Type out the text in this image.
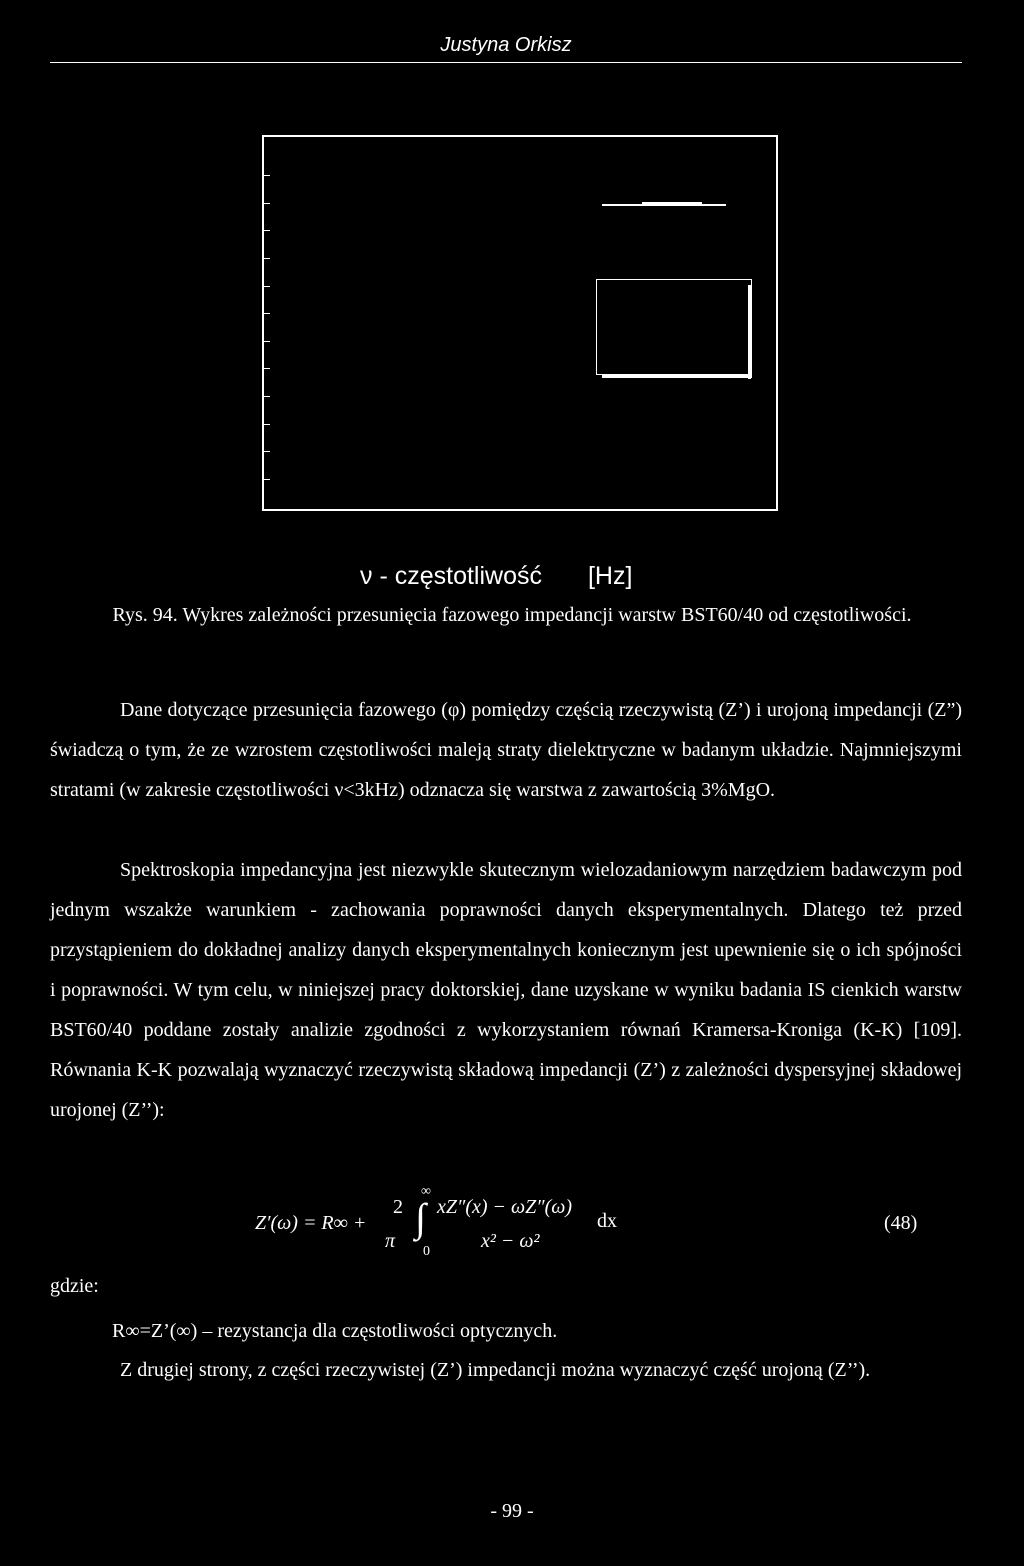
Justyna Orkisz
ν - częstotliwość [Hz]
Rys. 94. Wykres zależności przesunięcia fazowego impedancji warstw BST60/40 od częstotliwości.
Dane dotyczące przesunięcia fazowego (φ) pomiędzy częścią rzeczywistą (Z’) i urojoną impedancji (Z”) świadczą o tym, że ze wzrostem częstotliwości maleją straty dielektryczne w badanym układzie. Najmniejszymi stratami (w zakresie częstotliwości ν<3kHz) odznacza się warstwa z zawartością 3%MgO.
Spektroskopia impedancyjna jest niezwykle skutecznym wielozadaniowym narzędziem badawczym pod jednym wszakże warunkiem - zachowania poprawności danych eksperymentalnych. Dlatego też przed przystąpieniem do dokładnej analizy danych eksperymentalnych koniecznym jest upewnienie się o ich spójności i poprawności. W tym celu, w niniejszej pracy doktorskiej, dane uzyskane w wyniku badania IS cienkich warstw BST60/40 poddane zostały analizie zgodności z wykorzystaniem równań Kramersa-Kroniga (K-K) [109]. Równania K-K pozwalają wyznaczyć rzeczywistą składową impedancji (Z’) z zależności dyspersyjnej składowej urojonej (Z’’):
Z′(ω) = R∞ +
2
π
∞
∫
0
xZ″(x) − ωZ″(ω)
x² − ω²
dx	(48)
gdzie:
R∞=Z’(∞) – rezystancja dla częstotliwości optycznych.
Z drugiej strony, z części rzeczywistej (Z’) impedancji można wyznaczyć część urojoną (Z’’).
- 99 -
